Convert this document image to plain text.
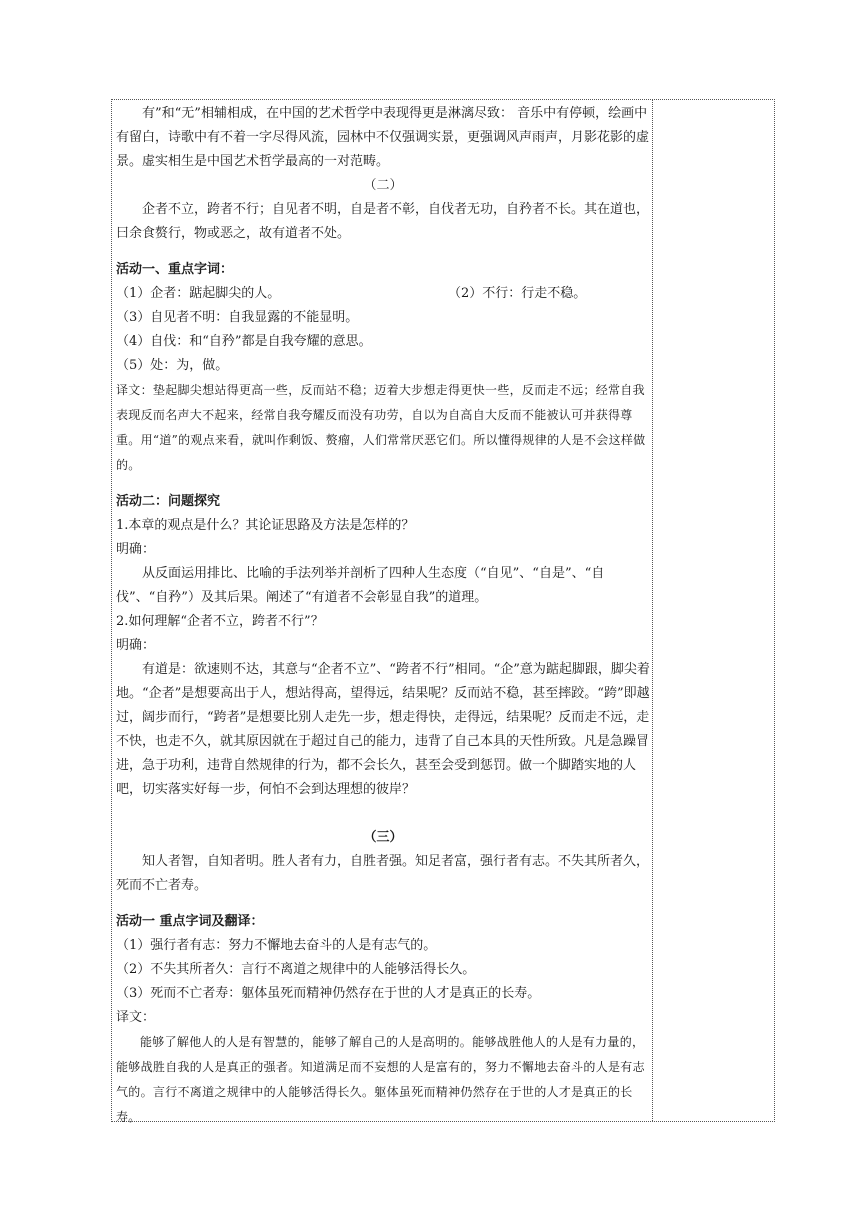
有”和“无”相辅相成，在中国的艺术哲学中表现得更是淋漓尽致： 音乐中有停顿，绘画中有留白，诗歌中有不着一字尽得风流，园林中不仅强调实景，更强调风声雨声，月影花影的虚景。虚实相生是中国艺术哲学最高的一对范畴。

（二）

企者不立，跨者不行；自见者不明，自是者不彰，自伐者无功，自矜者不长。其在道也，曰余食赘行，物或恶之，故有道者不处。

活动一、重点字词：

（1）企者：踮起脚尖的人。	（2）不行：行走不稳。

（3）自见者不明：自我显露的不能显明。

（4）自伐：和“自矜”都是自我夸耀的意思。

（5）处：为，做。

译文：垫起脚尖想站得更高一些，反而站不稳；迈着大步想走得更快一些，反而走不远；经常自我表现反而名声大不起来，经常自我夸耀反而没有功劳，自以为自高自大反而不能被认可并获得尊重。用“道”的观点来看，就叫作剩饭、赘瘤，人们常常厌恶它们。所以懂得规律的人是不会这样做的。

活动二：问题探究

1.本章的观点是什么？其论证思路及方法是怎样的？

明确：

从反面运用排比、比喻的手法列举并剖析了四种人生态度（“自见”、“自是”、“自伐”、“自矜”）及其后果。阐述了“有道者不会彰显自我”的道理。

2.如何理解“企者不立，跨者不行”？

明确：

有道是：欲速则不达，其意与“企者不立”、“跨者不行”相同。“企”意为踮起脚跟，脚尖着地。“企者”是想要高出于人，想站得高，望得远，结果呢？反而站不稳，甚至摔跤。“跨”即越过，阔步而行，“跨者”是想要比别人走先一步，想走得快，走得远，结果呢？反而走不远，走不快，也走不久，就其原因就在于超过自己的能力，违背了自己本具的天性所致。凡是急躁冒进，急于功利，违背自然规律的行为，都不会长久，甚至会受到惩罚。做一个脚踏实地的人吧，切实落实好每一步，何怕不会到达理想的彼岸？

（三）

知人者智，自知者明。胜人者有力，自胜者强。知足者富，强行者有志。不失其所者久，死而不亡者寿。

活动一 重点字词及翻译：

（1）强行者有志：努力不懈地去奋斗的人是有志气的。

（2）不失其所者久：言行不离道之规律中的人能够活得长久。

（3）死而不亡者寿：躯体虽死而精神仍然存在于世的人才是真正的长寿。

译文：

能够了解他人的人是有智慧的，能够了解自己的人是高明的。能够战胜他人的人是有力量的，能够战胜自我的人是真正的强者。知道满足而不妄想的人是富有的，努力不懈地去奋斗的人是有志气的。言行不离道之规律中的人能够活得长久。躯体虽死而精神仍然存在于世的人才是真正的长寿。
